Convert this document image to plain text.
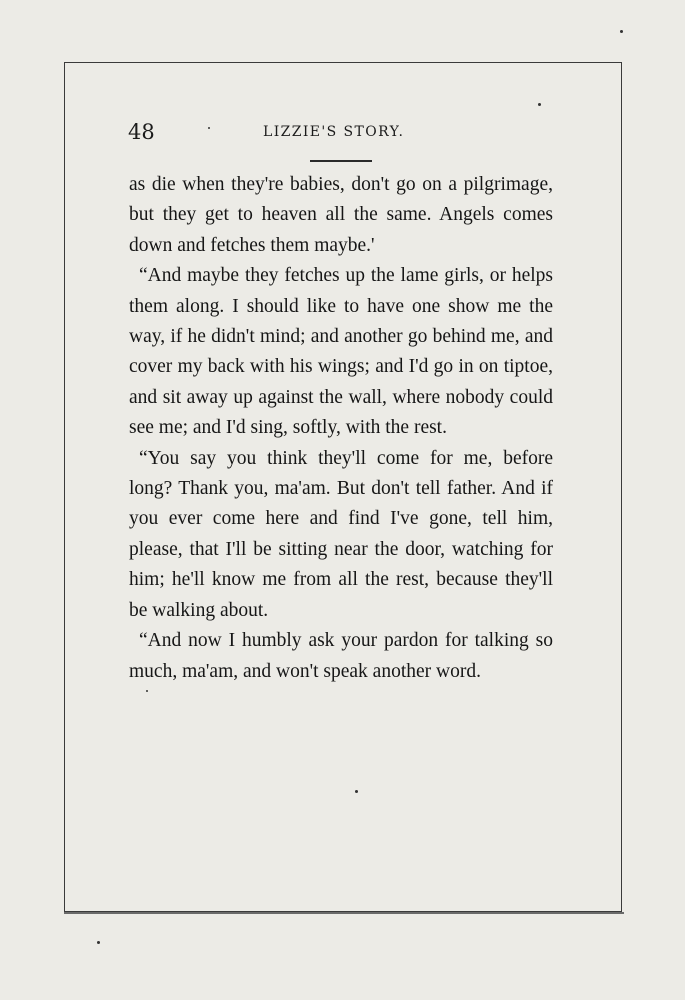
48	LIZZIE'S STORY.

as die when they're babies, don't go on a pilgrimage, but they get to heaven all the same. Angels comes down and fetches them maybe.'

“And maybe they fetches up the lame girls, or helps them along. I should like to have one show me the way, if he didn't mind; and another go behind me, and cover my back with his wings; and I'd go in on tiptoe, and sit away up against the wall, where nobody could see me; and I'd sing, softly, with the rest.

“You say you think they'll come for me, before long? Thank you, ma'am. But don't tell father. And if you ever come here and find I've gone, tell him, please, that I'll be sitting near the door, watching for him; he'll know me from all the rest, because they'll be walking about.

“And now I humbly ask your pardon for talking so much, ma'am, and won't speak another word.
